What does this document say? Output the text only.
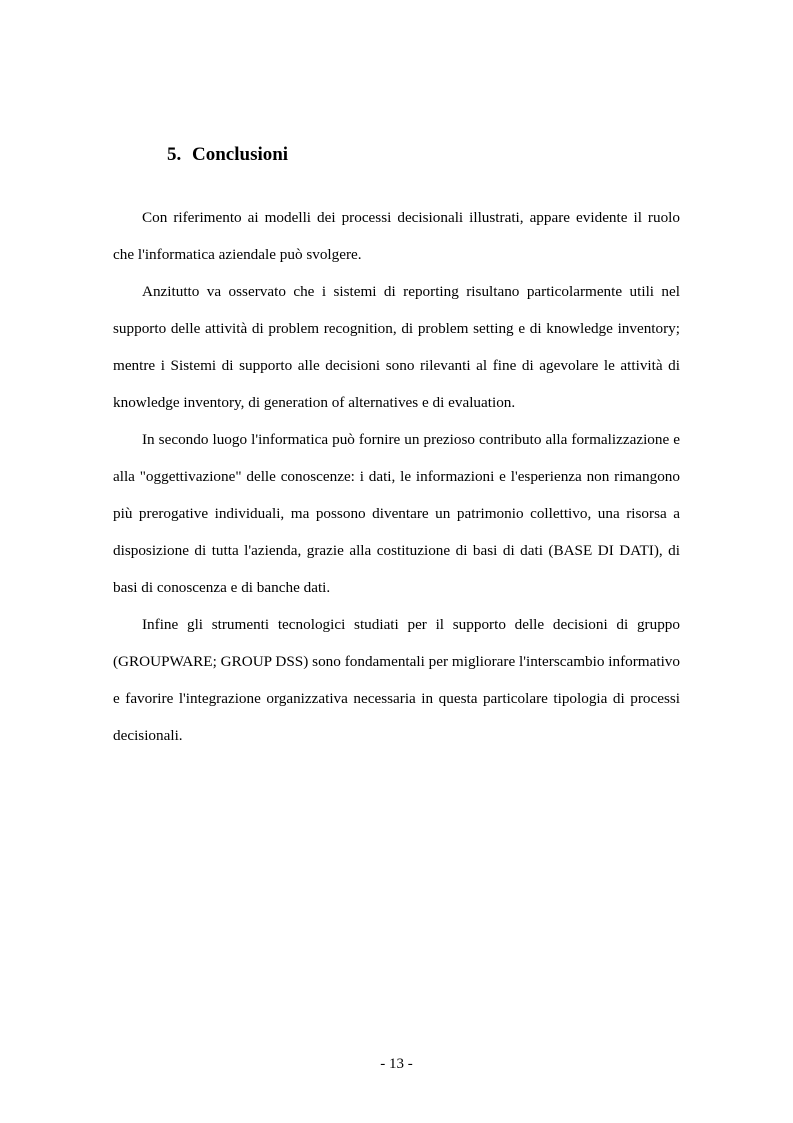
5. Conclusioni

Con riferimento ai modelli dei processi decisionali illustrati, appare evidente il ruolo che l'informatica aziendale può svolgere.

Anzitutto va osservato che i sistemi di reporting risultano particolarmente utili nel supporto delle attività di problem recognition, di problem setting e di knowledge inventory; mentre i Sistemi di supporto alle decisioni sono rilevanti al fine di agevolare le attività di knowledge inventory, di generation of alternatives e di evaluation.

In secondo luogo l'informatica può fornire un prezioso contributo alla formalizzazione e alla "oggettivazione" delle conoscenze: i dati, le informazioni e l'esperienza non rimangono più prerogative individuali, ma possono diventare un patrimonio collettivo, una risorsa a disposizione di tutta l'azienda, grazie alla costituzione di basi di dati (BASE DI DATI), di basi di conoscenza e di banche dati.

Infine gli strumenti tecnologici studiati per il supporto delle decisioni di gruppo (GROUPWARE; GROUP DSS) sono fondamentali per migliorare l'interscambio informativo e favorire l'integrazione organizzativa necessaria in questa particolare tipologia di processi decisionali.

- 13 -
